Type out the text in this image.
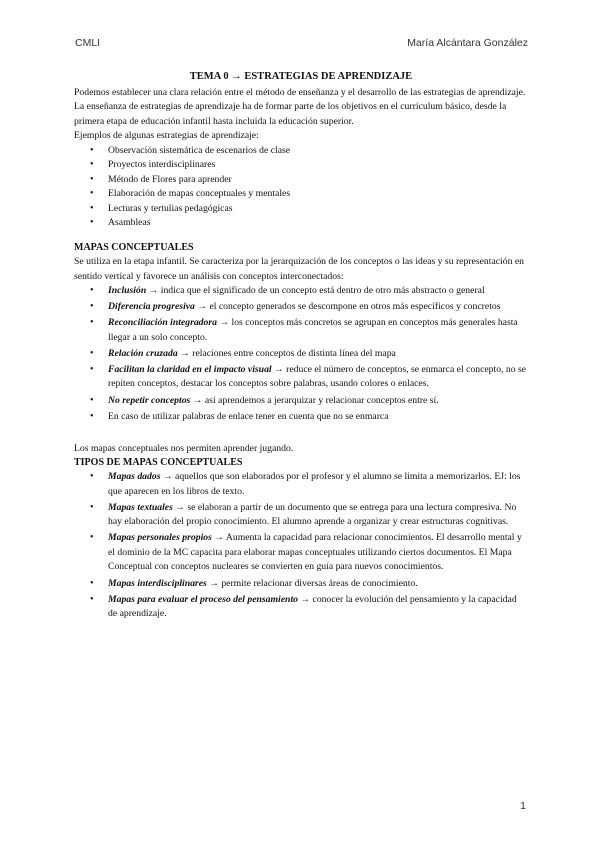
CMLI	María Alcántara González

TEMA 0 → ESTRATEGIAS DE APRENDIZAJE

Podemos establecer una clara relación entre el método de enseñanza y el desarrollo de las estrategias de aprendizaje. La enseñanza de estrategias de aprendizaje ha de formar parte de los objetivos en el currículum básico, desde la primera etapa de educación infantil hasta incluida la educación superior.

Ejemplos de algunas estrategias de aprendizaje:

• Observación sistemática de escenarios de clase
• Proyectos interdisciplinares
• Método de Flores para aprender
• Elaboración de mapas conceptuales y mentales
• Lecturas y tertulias pedagógicas
• Asambleas
MAPAS CONCEPTUALES

Se utiliza en la etapa infantil. Se caracteriza por la jerarquización de los conceptos o las ideas y su representación en sentido vertical y favorece un análisis con conceptos interconectados:

• Inclusión → indica que el significado de un concepto está dentro de otro más abstracto o general
• Diferencia progresiva → el concepto generados se descompone en otros más específicos y concretos
• Reconciliación integradora → los conceptos más concretos se agrupan en conceptos más generales hasta llegar a un solo concepto.
• Relación cruzada → relaciones entre conceptos de distinta línea del mapa
• Facilitan la claridad en el impacto visual → reduce el número de conceptos, se enmarca el concepto, no se repiten conceptos, destacar los conceptos sobre palabras, usando colores o enlaces.
• No repetir conceptos → así aprendemos a jerarquizar y relacionar conceptos entre sí.
• En caso de utilizar palabras de enlace tener en cuenta que no se enmarca

Los mapas conceptuales nos permiten aprender jugando.

TIPOS DE MAPAS CONCEPTUALES
• Mapas dados → aquellos que son elaborados por el profesor y el alumno se limita a memorizarlos. EJ: los que aparecen en los libros de texto.
• Mapas textuales → se elaboran a partir de un documento que se entrega para una lectura compresiva. No hay elaboración del propio conocimiento. El alumno aprende a organizar y crear estructuras cognitivas.
• Mapas personales propios → Aumenta la capacidad para relacionar conocimientos. El desarrollo mental y el dominio de la MC capacita para elaborar mapas conceptuales utilizando ciertos documentos. El Mapa Conceptual con conceptos nucleares se convierten en guía para nuevos conocimientos.
• Mapas interdisciplinares → permite relacionar diversas áreas de conocimiento.
• Mapas para evaluar el proceso del pensamiento → conocer la evolución del pensamiento y la capacidad de aprendizaje.
1
